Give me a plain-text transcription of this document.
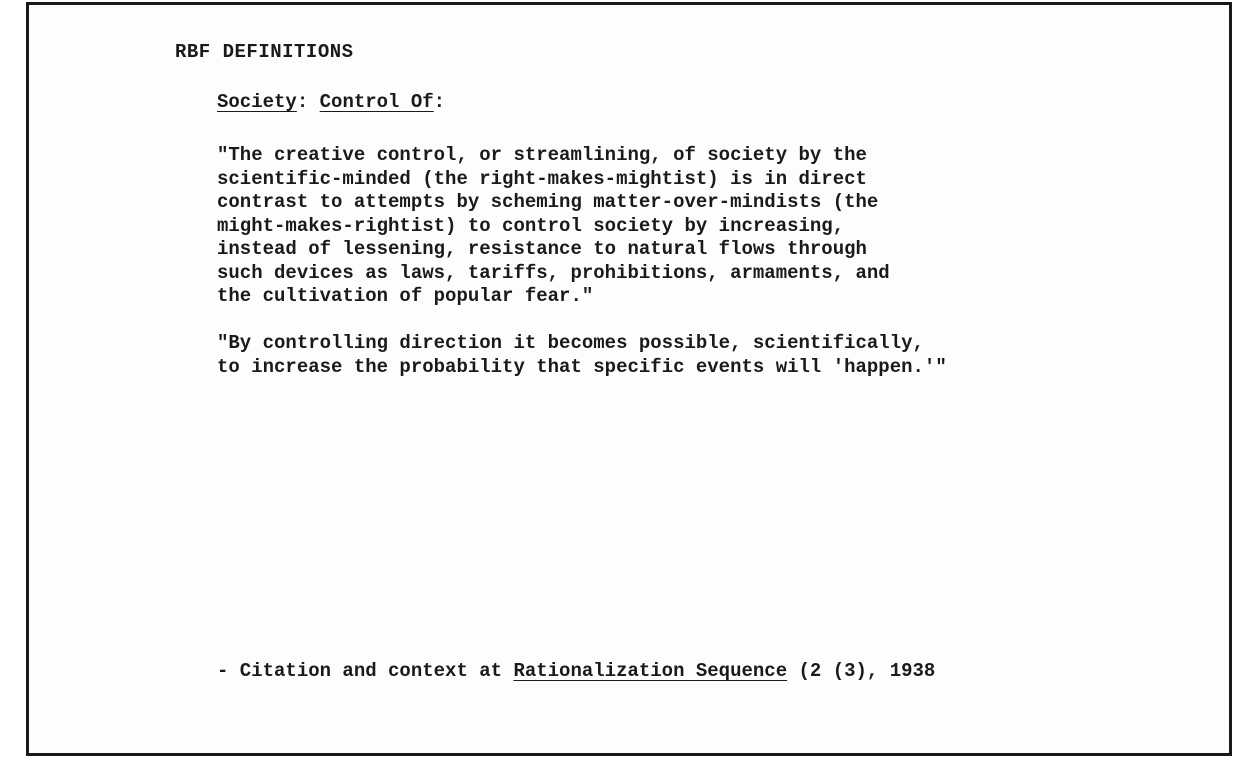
RBF DEFINITIONS
Society: Control Of:

"The creative control, or streamlining, of society by the
scientific-minded (the right-makes-mightist) is in direct
contrast to attempts by scheming matter-over-mindists (the
might-makes-rightist) to control society by increasing,
instead of lessening, resistance to natural flows through
such devices as laws, tariffs, prohibitions, armaments, and
the cultivation of popular fear."

"By controlling direction it becomes possible, scientifically,
to increase the probability that specific events will 'happen.'"

- Citation and context at Rationalization Sequence (2 (3), 1938
